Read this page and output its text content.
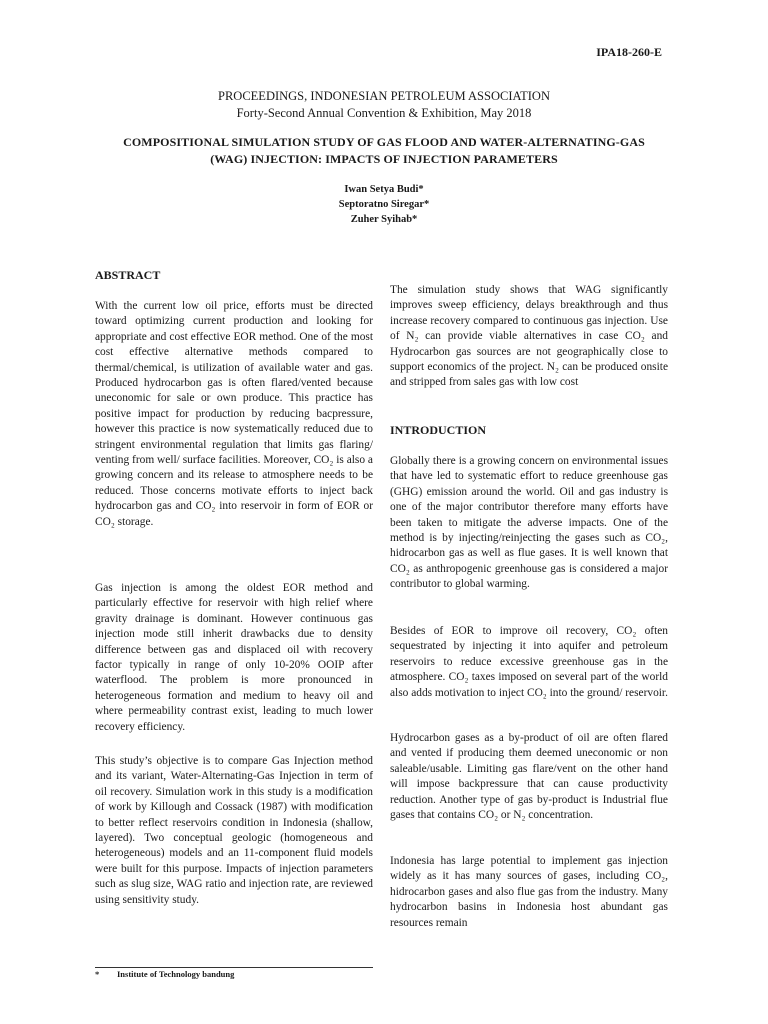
IPA18-260-E
PROCEEDINGS, INDONESIAN PETROLEUM ASSOCIATION
Forty-Second Annual Convention & Exhibition, May 2018
COMPOSITIONAL SIMULATION STUDY OF GAS FLOOD AND WATER-ALTERNATING-GAS
(WAG) INJECTION: IMPACTS OF INJECTION PARAMETERS
Iwan Setya Budi*
Septoratno Siregar*
Zuher Syihab*
ABSTRACT

With the current low oil price, efforts must be directed toward optimizing current production and looking for appropriate and cost effective EOR method. One of the most cost effective alternative methods compared to thermal/chemical, is utilization of available water and gas. Produced hydrocarbon gas is often flared/vented because uneconomic for sale or own produce. This practice has positive impact for production by reducing bacpressure, however this practice is now systematically reduced due to stringent environmental regulation that limits gas flaring/ venting from well/ surface facilities. Moreover, CO₂ is also a growing concern and its release to atmosphere needs to be reduced. Those concerns motivate efforts to inject back hydrocarbon gas and CO₂ into reservoir in form of EOR or CO₂ storage.

Gas injection is among the oldest EOR method and particularly effective for reservoir with high relief where gravity drainage is dominant. However continuous gas injection mode still inherit drawbacks due to density difference between gas and displaced oil with recovery factor typically in range of only 10-20% OOIP after waterflood. The problem is more pronounced in heterogeneous formation and medium to heavy oil and where permeability contrast exist, leading to much lower recovery efficiency.

This study’s objective is to compare Gas Injection method and its variant, Water-Alternating-Gas Injection in term of oil recovery. Simulation work in this study is a modification of work by Killough and Cossack (1987) with modification to better reflect reservoirs condition in Indonesia (shallow, layered). Two conceptual geologic (homogeneous and heterogeneous) models and an 11-component fluid models were built for this purpose. Impacts of injection parameters such as slug size, WAG ratio and injection rate, are reviewed using sensitivity study.

The simulation study shows that WAG significantly improves sweep efficiency, delays breakthrough and thus increase recovery compared to continuous gas injection. Use of N₂ can provide viable alternatives in case CO₂ and Hydrocarbon gas sources are not geographically close to support economics of the project. N₂ can be produced onsite and stripped from sales gas with low cost

INTRODUCTION

Globally there is a growing concern on environmental issues that have led to systematic effort to reduce greenhouse gas (GHG) emission around the world. Oil and gas industry is one of the major contributor therefore many efforts have been taken to mitigate the adverse impacts. One of the method is by injecting/reinjecting the gases such as CO₂, hidrocarbon gas as well as flue gases. It is well known that CO₂ as anthropogenic greenhouse gas is considered a major contributor to global warming.

Besides of EOR to improve oil recovery, CO₂ often sequestrated by injecting it into aquifer and petroleum reservoirs to reduce excessive greenhouse gas in the atmosphere. CO₂ taxes imposed on several part of the world also adds motivation to inject CO₂ into the ground/ reservoir.

Hydrocarbon gases as a by-product of oil are often flared and vented if producing them deemed uneconomic or non saleable/usable. Limiting gas flare/vent on the other hand will impose backpressure that can cause productivity reduction. Another type of gas by-product is Industrial flue gases that contains CO₂ or N₂ concentration.

Indonesia has large potential to implement gas injection widely as it has many sources of gases, including CO₂, hidrocarbon gases and also flue gas from the industry. Many hydrocarbon basins in Indonesia host abundant gas resources remain

* Institute of Technology bandung
